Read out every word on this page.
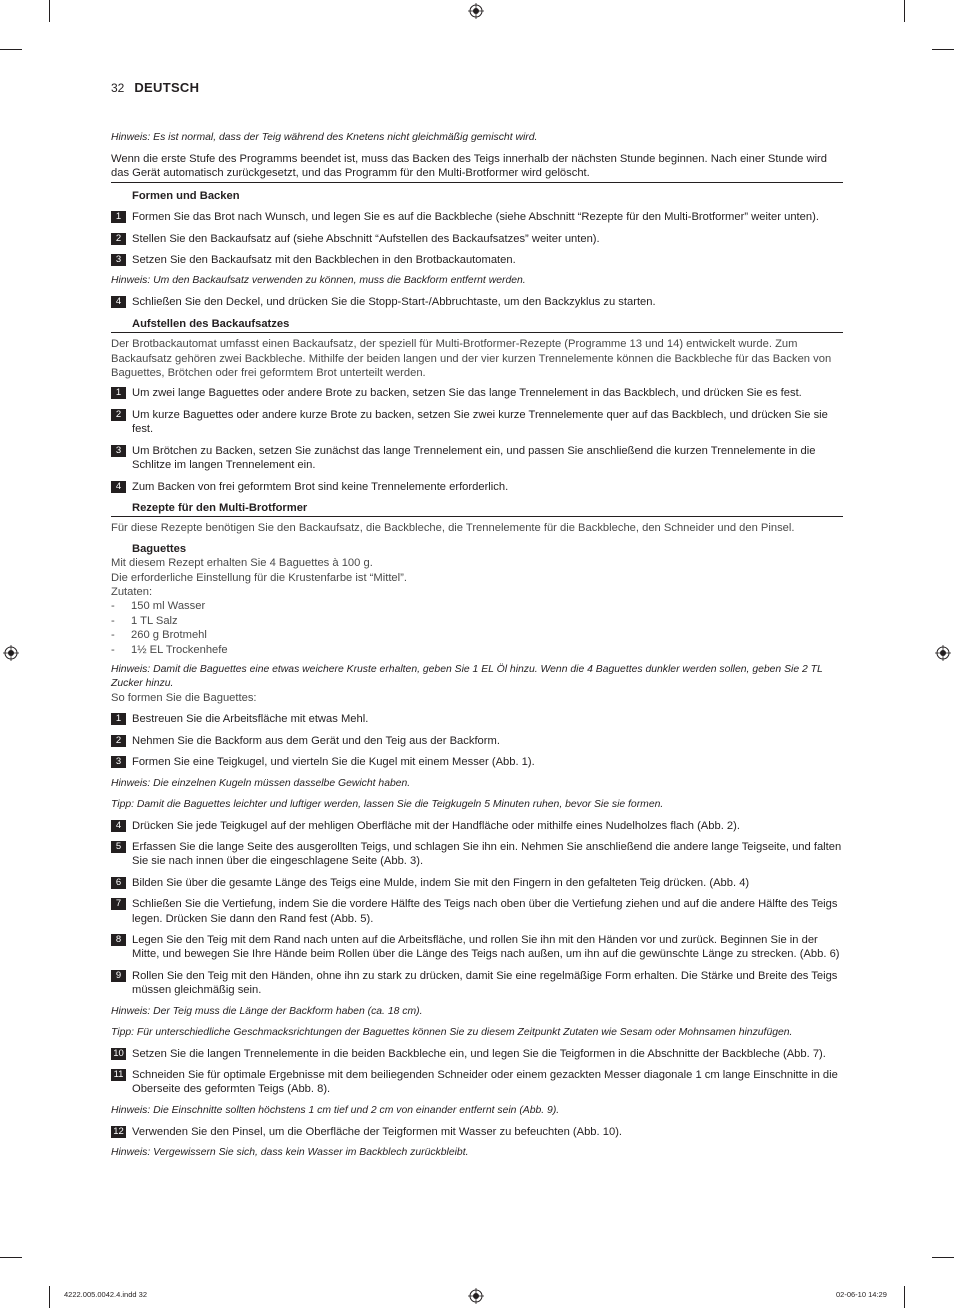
32 DEUTSCH

Hinweis: Es ist normal, dass der Teig während des Knetens nicht gleichmäßig gemischt wird.

Wenn die erste Stufe des Programms beendet ist, muss das Backen des Teigs innerhalb der nächsten Stunde beginnen. Nach einer Stunde wird das Gerät automatisch zurückgesetzt, und das Programm für den Multi-Brotformer wird gelöscht.

Formen und Backen
1 Formen Sie das Brot nach Wunsch, und legen Sie es auf die Backbleche (siehe Abschnitt “Rezepte für den Multi-Brotformer” weiter unten).
2 Stellen Sie den Backaufsatz auf (siehe Abschnitt “Aufstellen des Backaufsatzes” weiter unten).
3 Setzen Sie den Backaufsatz mit den Backblechen in den Brotbackautomaten.

Hinweis: Um den Backaufsatz verwenden zu können, muss die Backform entfernt werden.

4 Schließen Sie den Deckel, und drücken Sie die Stopp-Start-/Abbruchtaste, um den Backzyklus zu starten.
Aufstellen des Backaufsatzes

Der Brotbackautomat umfasst einen Backaufsatz, der speziell für Multi-Brotformer-Rezepte (Programme 13 und 14) entwickelt wurde. Zum Backaufsatz gehören zwei Backbleche. Mithilfe der beiden langen und der vier kurzen Trennelemente können die Backbleche für das Backen von Baguettes, Brötchen oder frei geformtem Brot unterteilt werden.

1 Um zwei lange Baguettes oder andere Brote zu backen, setzen Sie das lange Trennelement in das Backblech, und drücken Sie es fest.
2 Um kurze Baguettes oder andere kurze Brote zu backen, setzen Sie zwei kurze Trennelemente quer auf das Backblech, und drücken Sie sie fest.
3 Um Brötchen zu Backen, setzen Sie zunächst das lange Trennelement ein, und passen Sie anschließend die kurzen Trennelemente in die Schlitze im langen Trennelement ein.
4 Zum Backen von frei geformtem Brot sind keine Trennelemente erforderlich.
Rezepte für den Multi-Brotformer

Für diese Rezepte benötigen Sie den Backaufsatz, die Backbleche, die Trennelemente für die Backbleche, den Schneider und den Pinsel.

Baguettes

Mit diesem Rezept erhalten Sie 4 Baguettes à 100 g.

Die erforderliche Einstellung für die Krustenfarbe ist “Mittel”.

Zutaten:

- 150 ml Wasser
- 1 TL Salz
- 260 g Brotmehl
- 1½ EL Trockenhefe

Hinweis: Damit die Baguettes eine etwas weichere Kruste erhalten, geben Sie 1 EL Öl hinzu. Wenn die 4 Baguettes dunkler werden sollen, geben Sie 2 TL Zucker hinzu.

So formen Sie die Baguettes:

1 Bestreuen Sie die Arbeitsfläche mit etwas Mehl.
2 Nehmen Sie die Backform aus dem Gerät und den Teig aus der Backform.
3 Formen Sie eine Teigkugel, und vierteln Sie die Kugel mit einem Messer (Abb. 1).

Hinweis: Die einzelnen Kugeln müssen dasselbe Gewicht haben.

Tipp: Damit die Baguettes leichter und luftiger werden, lassen Sie die Teigkugeln 5 Minuten ruhen, bevor Sie sie formen.

4 Drücken Sie jede Teigkugel auf der mehligen Oberfläche mit der Handfläche oder mithilfe eines Nudelholzes flach (Abb. 2).
5 Erfassen Sie die lange Seite des ausgerollten Teigs, und schlagen Sie ihn ein. Nehmen Sie anschließend die andere lange Teigseite, und falten Sie sie nach innen über die eingeschlagene Seite (Abb. 3).
6 Bilden Sie über die gesamte Länge des Teigs eine Mulde, indem Sie mit den Fingern in den gefalteten Teig drücken. (Abb. 4)
7 Schließen Sie die Vertiefung, indem Sie die vordere Hälfte des Teigs nach oben über die Vertiefung ziehen und auf die andere Hälfte des Teigs legen. Drücken Sie dann den Rand fest (Abb. 5).
8 Legen Sie den Teig mit dem Rand nach unten auf die Arbeitsfläche, und rollen Sie ihn mit den Händen vor und zurück. Beginnen Sie in der Mitte, und bewegen Sie Ihre Hände beim Rollen über die Länge des Teigs nach außen, um ihn auf die gewünschte Länge zu strecken. (Abb. 6)
9 Rollen Sie den Teig mit den Händen, ohne ihn zu stark zu drücken, damit Sie eine regelmäßige Form erhalten. Die Stärke und Breite des Teigs müssen gleichmäßig sein.

Hinweis: Der Teig muss die Länge der Backform haben (ca. 18 cm).

Tipp: Für unterschiedliche Geschmacksrichtungen der Baguettes können Sie zu diesem Zeitpunkt Zutaten wie Sesam oder Mohnsamen hinzufügen.

10 Setzen Sie die langen Trennelemente in die beiden Backbleche ein, und legen Sie die Teigformen in die Abschnitte der Backbleche (Abb. 7).
11 Schneiden Sie für optimale Ergebnisse mit dem beiliegenden Schneider oder einem gezackten Messer diagonale 1 cm lange Einschnitte in die Oberseite des geformten Teigs (Abb. 8).

Hinweis: Die Einschnitte sollten höchstens 1 cm tief und 2 cm von einander entfernt sein (Abb. 9).

12 Verwenden Sie den Pinsel, um die Oberfläche der Teigformen mit Wasser zu befeuchten (Abb. 10).

Hinweis: Vergewissern Sie sich, dass kein Wasser im Backblech zurückbleibt.

4222.005.0042.4.indd 32	02-06-10 14:29
